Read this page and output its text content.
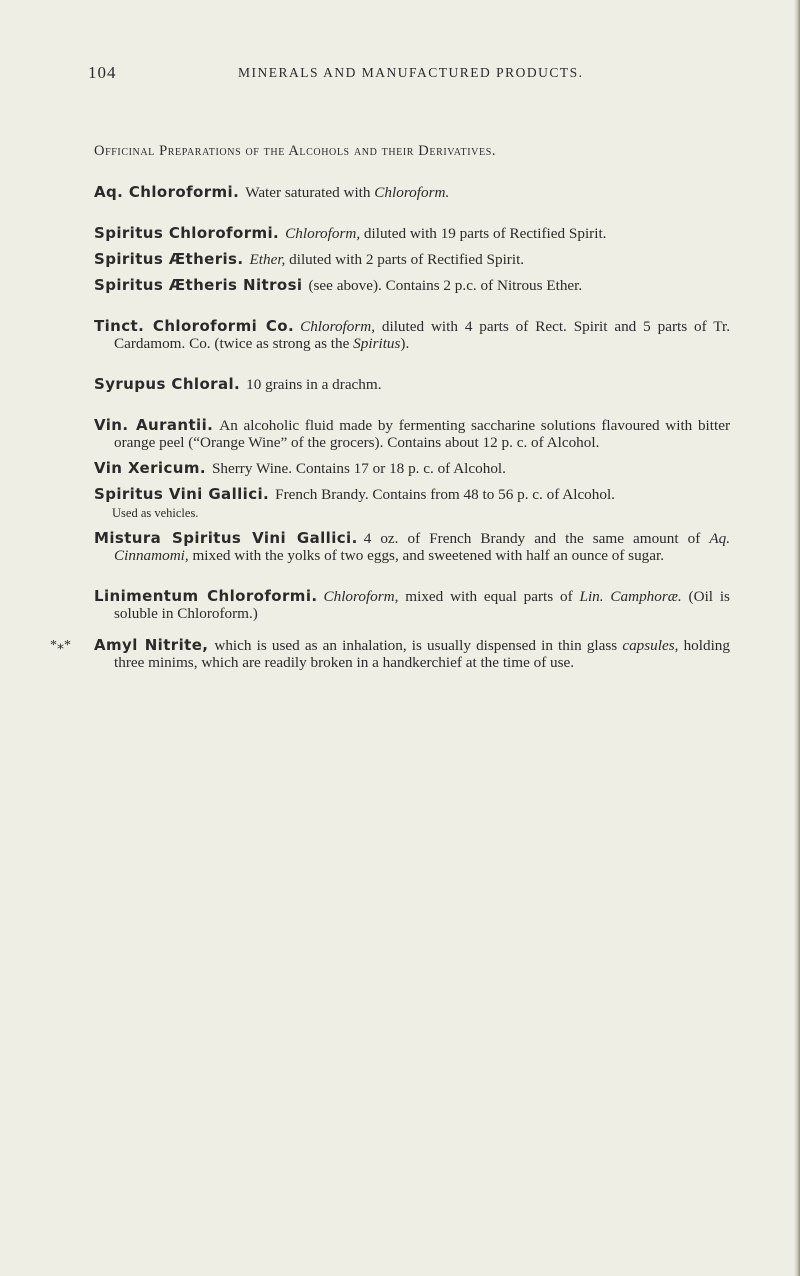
104	MINERALS AND MANUFACTURED PRODUCTS.
Officinal Preparations of the Alcohols and their Derivatives.

Aq. Chloroformi. Water saturated with Chloroform.

Spiritus Chloroformi. Chloroform, diluted with 19 parts of Rectified Spirit.

Spiritus Ætheris. Ether, diluted with 2 parts of Rectified Spirit.

Spiritus Ætheris Nitrosi (see above). Contains 2 p.c. of Nitrous Ether.

Tinct. Chloroformi Co. Chloroform, diluted with 4 parts of Rect. Spirit and 5 parts of Tr. Cardamom. Co. (twice as strong as the Spiritus).

Syrupus Chloral. 10 grains in a drachm.

Vin. Aurantii. An alcoholic fluid made by fermenting saccharine solutions flavoured with bitter orange peel (“Orange Wine” of the grocers). Contains about 12 p. c. of Alcohol.

Vin Xericum. Sherry Wine. Contains 17 or 18 p. c. of Alcohol.

Spiritus Vini Gallici. French Brandy. Contains from 48 to 56 p. c. of Alcohol.

Used as vehicles.

Mistura Spiritus Vini Gallici. 4 oz. of French Brandy and the same amount of Aq. Cinnamomi, mixed with the yolks of two eggs, and sweetened with half an ounce of sugar.

Linimentum Chloroformi. Chloroform, mixed with equal parts of Lin. Camphoræ. (Oil is soluble in Chloroform.)

*⁎* Amyl Nitrite, which is used as an inhalation, is usually dispensed in thin glass capsules, holding three minims, which are readily broken in a handkerchief at the time of use.
